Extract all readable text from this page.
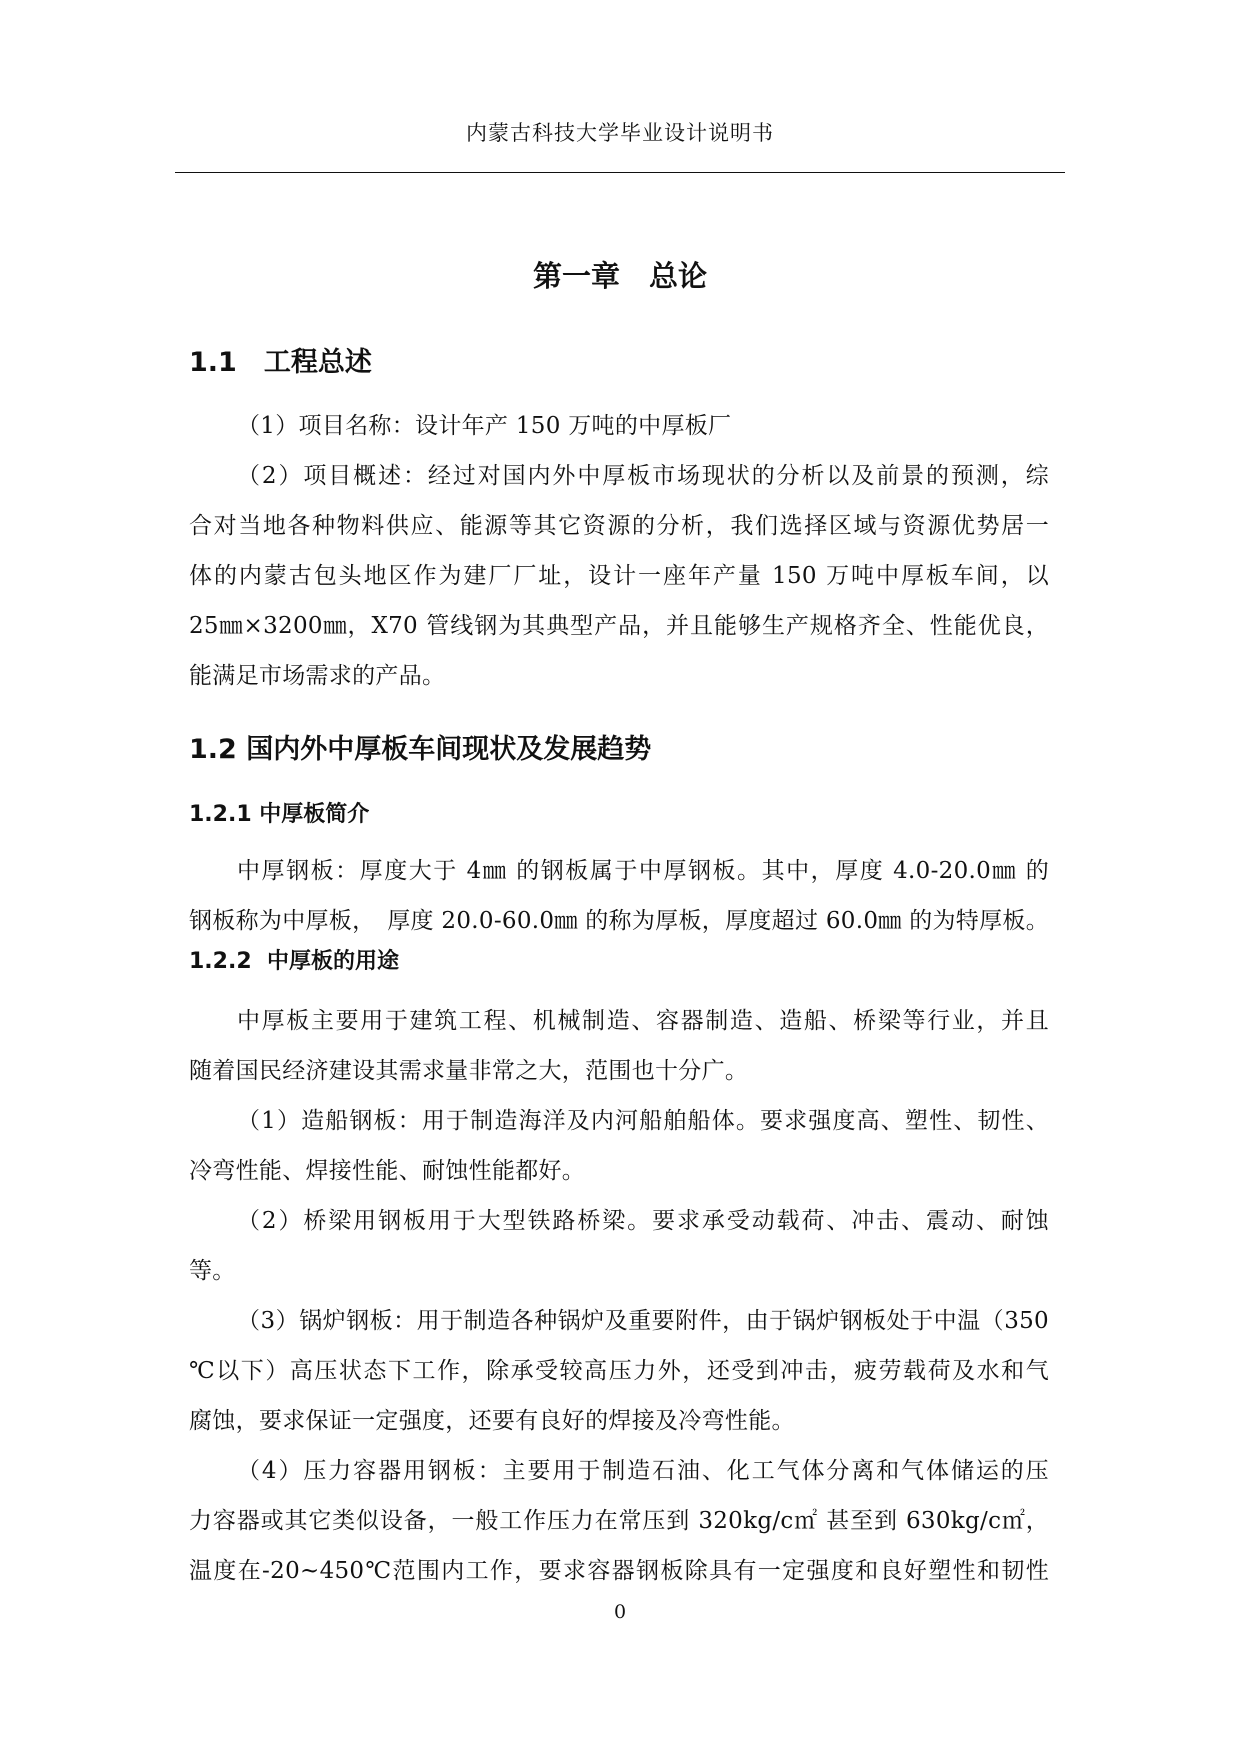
内蒙古科技大学毕业设计说明书
第一章　总论
1.1　工程总述
（1）项目名称：设计年产 150 万吨的中厚板厂
（2）项目概述：经过对国内外中厚板市场现状的分析以及前景的预测，综
合对当地各种物料供应、能源等其它资源的分析，我们选择区域与资源优势居一
体的内蒙古包头地区作为建厂厂址，设计一座年产量 150 万吨中厚板车间，以
25㎜×3200㎜，X70 管线钢为其典型产品，并且能够生产规格齐全、性能优良，
能满足市场需求的产品。
1.2 国内外中厚板车间现状及发展趋势
1.2.1 中厚板简介
中厚钢板：厚度大于 4㎜ 的钢板属于中厚钢板。其中，厚度 4.0-20.0㎜ 的
钢板称为中厚板，　厚度 20.0-60.0㎜ 的称为厚板，厚度超过 60.0㎜ 的为特厚板。
1.2.2  中厚板的用途
中厚板主要用于建筑工程、机械制造、容器制造、造船、桥梁等行业，并且
随着国民经济建设其需求量非常之大，范围也十分广。
（1）造船钢板：用于制造海洋及内河船舶船体。要求强度高、塑性、韧性、
冷弯性能、焊接性能、耐蚀性能都好。
（2）桥梁用钢板用于大型铁路桥梁。要求承受动载荷、冲击、震动、耐蚀
等。
（3）锅炉钢板：用于制造各种锅炉及重要附件，由于锅炉钢板处于中温（350
℃以下）高压状态下工作，除承受较高压力外，还受到冲击，疲劳载荷及水和气
腐蚀，要求保证一定强度，还要有良好的焊接及冷弯性能。
（4）压力容器用钢板：主要用于制造石油、化工气体分离和气体储运的压
力容器或其它类似设备，一般工作压力在常压到 320kg/c㎡ 甚至到 630kg/c㎡，
温度在-20~450℃范围内工作，要求容器钢板除具有一定强度和良好塑性和韧性
0
